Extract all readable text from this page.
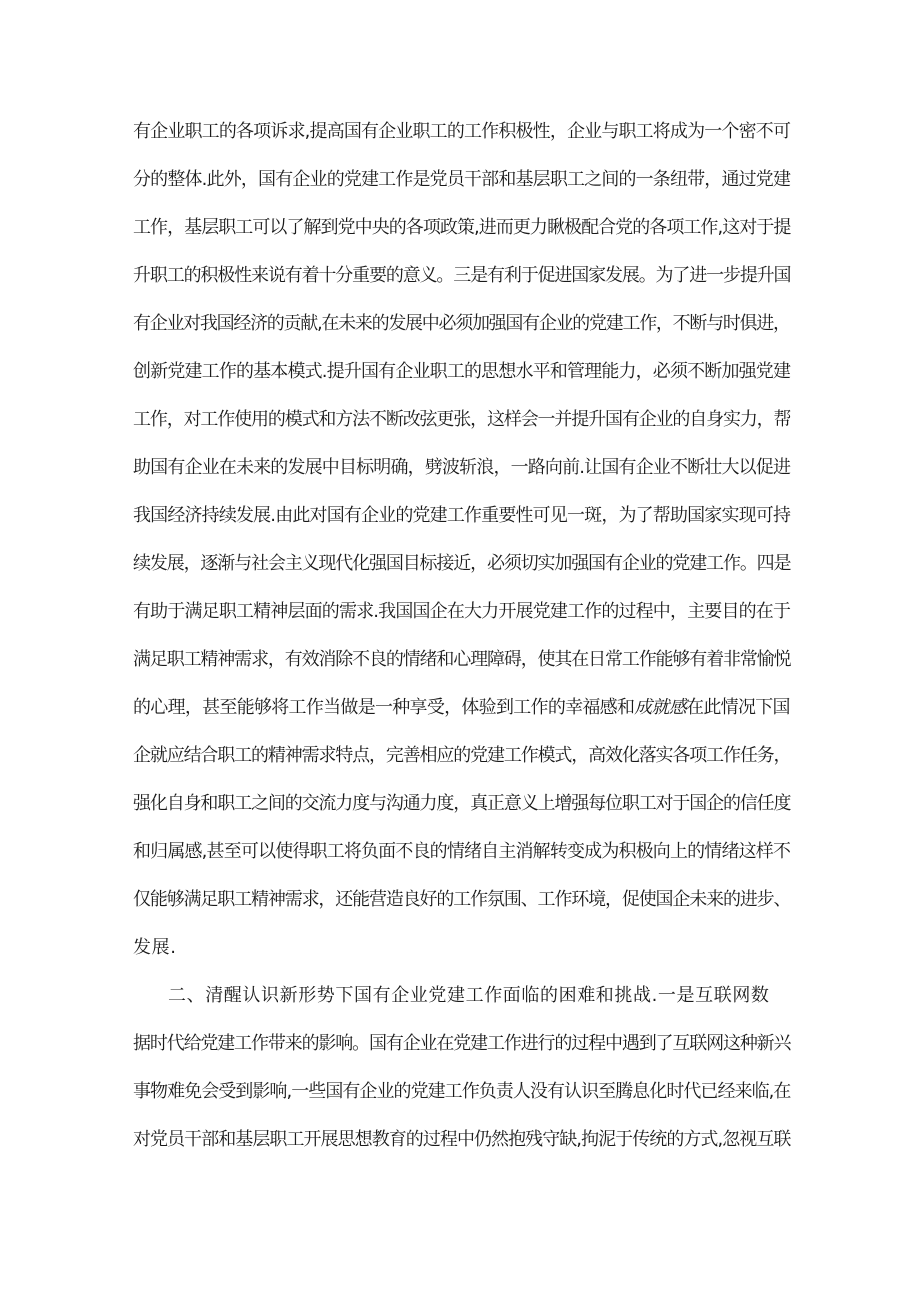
有企业职工的各项诉求,提高国有企业职工的工作积极性，企业与职工将成为一个密不可

分的整体.此外，国有企业的党建工作是党员干部和基层职工之间的一条纽带，通过党建

工作，基层职工可以了解到党中央的各项政策,进而更力瞅极配合党的各项工作,这对于提

升职工的积极性来说有着十分重要的意义。三是有利于促进国家发展。为了进一步提升国

有企业对我国经济的贡献,在未来的发展中必须加强国有企业的党建工作，不断与时俱进，

创新党建工作的基本模式.提升国有企业职工的思想水平和管理能力，必须不断加强党建

工作，对工作使用的模式和方法不断改弦更张，这样会一并提升国有企业的自身实力，帮

助国有企业在未来的发展中目标明确，劈波斩浪，一路向前.让国有企业不断壮大以促进

我国经济持续发展.由此对国有企业的党建工作重要性可见一斑，为了帮助国家实现可持

续发展，逐渐与社会主义现代化强国目标接近，必须切实加强国有企业的党建工作。四是

有助于满足职工精神层面的需求.我国国企在大力开展党建工作的过程中，主要目的在于

满足职工精神需求，有效消除不良的情绪和心理障碍，使其在日常工作能够有着非常愉悦

的心理，甚至能够将工作当做是一种享受，体验到工作的幸福感和成就感在此情况下国

企就应结合职工的精神需求特点，完善相应的党建工作模式，高效化落实各项工作任务，

强化自身和职工之间的交流力度与沟通力度，真正意义上增强每位职工对于国企的信任度

和归属感,甚至可以使得职工将负面不良的情绪自主消解转变成为积极向上的情绪这样不

仅能够满足职工精神需求，还能营造良好的工作氛围、工作环境，促使国企未来的进步、

发展.

二、清醒认识新形势下国有企业党建工作面临的困难和挑战.一是互联网数

据时代给党建工作带来的影响。国有企业在党建工作进行的过程中遇到了互联网这种新兴

事物难免会受到影响,一些国有企业的党建工作负责人没有认识至腾息化时代已经来临,在

对党员干部和基层职工开展思想教育的过程中仍然抱残守缺,拘泥于传统的方式,忽视互联
